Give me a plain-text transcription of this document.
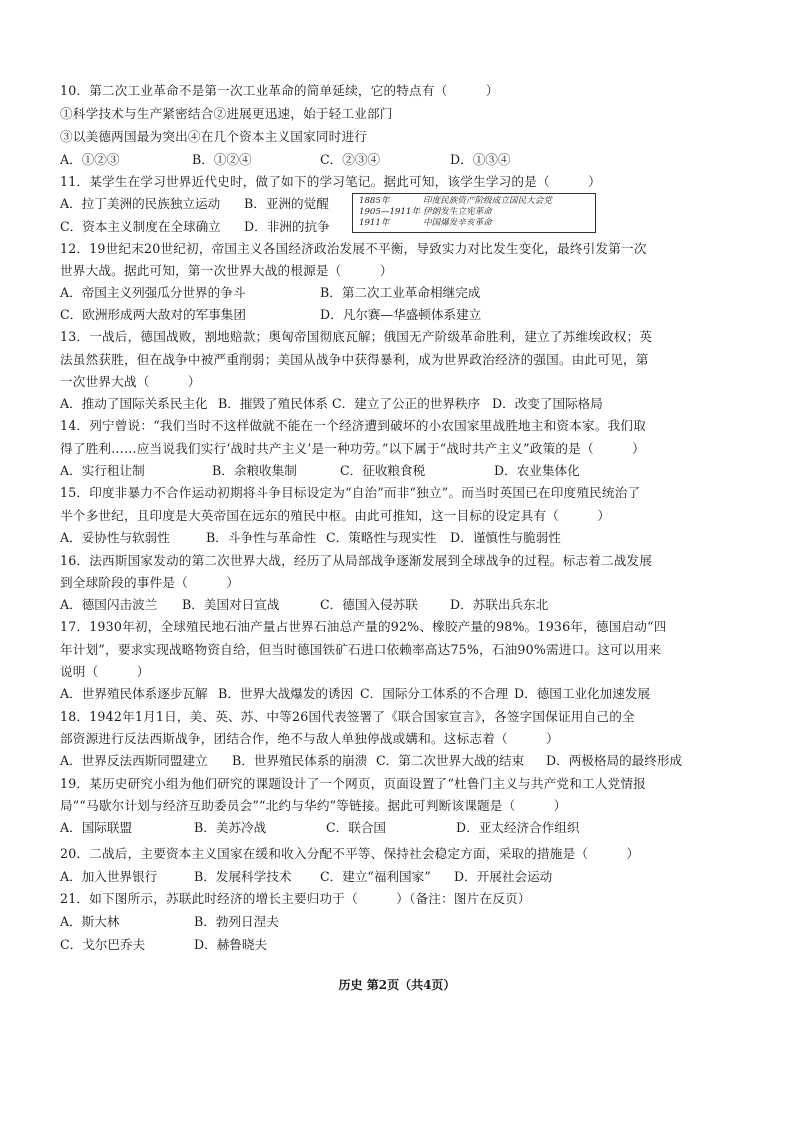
10．第二次工业革命不是第一次工业革命的简单延续，它的特点有（　　　）
①科学技术与生产紧密结合②进展更迅速，始于轻工业部门
③以美德两国最为突出④在几个资本主义国家同时进行
A．①②③	B．①②④	C．②③④	D．①③④
11．某学生在学习世界近代史时，做了如下的学习笔记。据此可知，该学生学习的是（　　　）
A．拉丁美洲的民族独立运动 B．亚洲的觉醒
C．资本主义制度在全球确立 D．非洲的抗争
1885年	印度民族资产阶级成立国民大会党
1905—1911年 伊朗发生立宪革命
1911年	中国爆发辛亥革命
12．19世纪末20世纪初，帝国主义各国经济政治发展不平衡，导致实力对比发生变化，最终引发第一次
世界大战。据此可知，第一次世界大战的根源是（　　　）
A．帝国主义列强瓜分世界的争斗	B．第二次工业革命相继完成
C．欧洲形成两大敌对的军事集团	D．凡尔赛—华盛顿体系建立
13．一战后，德国战败，割地赔款；奥匈帝国彻底瓦解；俄国无产阶级革命胜利，建立了苏维埃政权；英
法虽然获胜，但在战争中被严重削弱；美国从战争中获得暴利，成为世界政治经济的强国。由此可见，第
一次世界大战（　　　）
A．推动了国际关系民主化 B．摧毁了殖民体系 C．建立了公正的世界秩序 D．改变了国际格局
14．列宁曾说：“我们当时不这样做就不能在一个经济遭到破坏的小农国家里战胜地主和资本家。我们取
得了胜利……应当说我们实行‘战时共产主义’是一种功劳。”以下属于“战时共产主义”政策的是（　　　）
A．实行租让制	B．余粮收集制	C．征收粮食税	D．农业集体化
15．印度非暴力不合作运动初期将斗争目标设定为“自治”而非“独立”。而当时英国已在印度殖民统治了
半个多世纪，且印度是大英帝国在远东的殖民中枢。由此可推知，这一目标的设定具有（　　　）
A．妥协性与软弱性	B．斗争性与革命性 C．策略性与现实性 D．谨慎性与脆弱性
16．法西斯国家发动的第二次世界大战，经历了从局部战争逐渐发展到全球战争的过程。标志着二战发展
到全球阶段的事件是（　　　）
A．德国闪击波兰 B．美国对日宣战	C．德国入侵苏联	D．苏联出兵东北
17．1930年初，全球殖民地石油产量占世界石油总产量的92%、橡胶产量的98%。1936年，德国启动“四
年计划”，要求实现战略物资自给，但当时德国铁矿石进口依赖率高达75%，石油90%需进口。这可以用来
说明（　　　）
A．世界殖民体系逐步瓦解 B．世界大战爆发的诱因 C．国际分工体系的不合理 D．德国工业化加速发展
18．1942年1月1日，美、英、苏、中等26国代表签署了《联合国家宣言》，各签字国保证用自己的全
部资源进行反法西斯战争，团结合作，绝不与敌人单独停战或媾和。这标志着（　　　）
A．世界反法西斯同盟建立 B．世界殖民体系的崩溃 C．第二次世界大战的结束 D．两极格局的最终形成
19．某历史研究小组为他们研究的课题设计了一个网页，页面设置了“杜鲁门主义与共产党和工人党情报
局”“马歇尔计划与经济互助委员会”“北约与华约”等链接。据此可判断该课题是（　　　）
A．国际联盟	B．美苏冷战	C．联合国	D．亚太经济合作组织
20．二战后，主要资本主义国家在缓和收入分配不平等、保持社会稳定方面，采取的措施是（　　　）
A．加入世界银行	B．发展科学技术 C．建立“福利国家” D．开展社会运动
21．如下图所示，苏联此时经济的增长主要归功于（　　　）（备注：图片在反页）
A．斯大林	B．勃列日涅夫
C．戈尔巴乔夫	D．赫鲁晓夫
历史 第2页（共4页）
